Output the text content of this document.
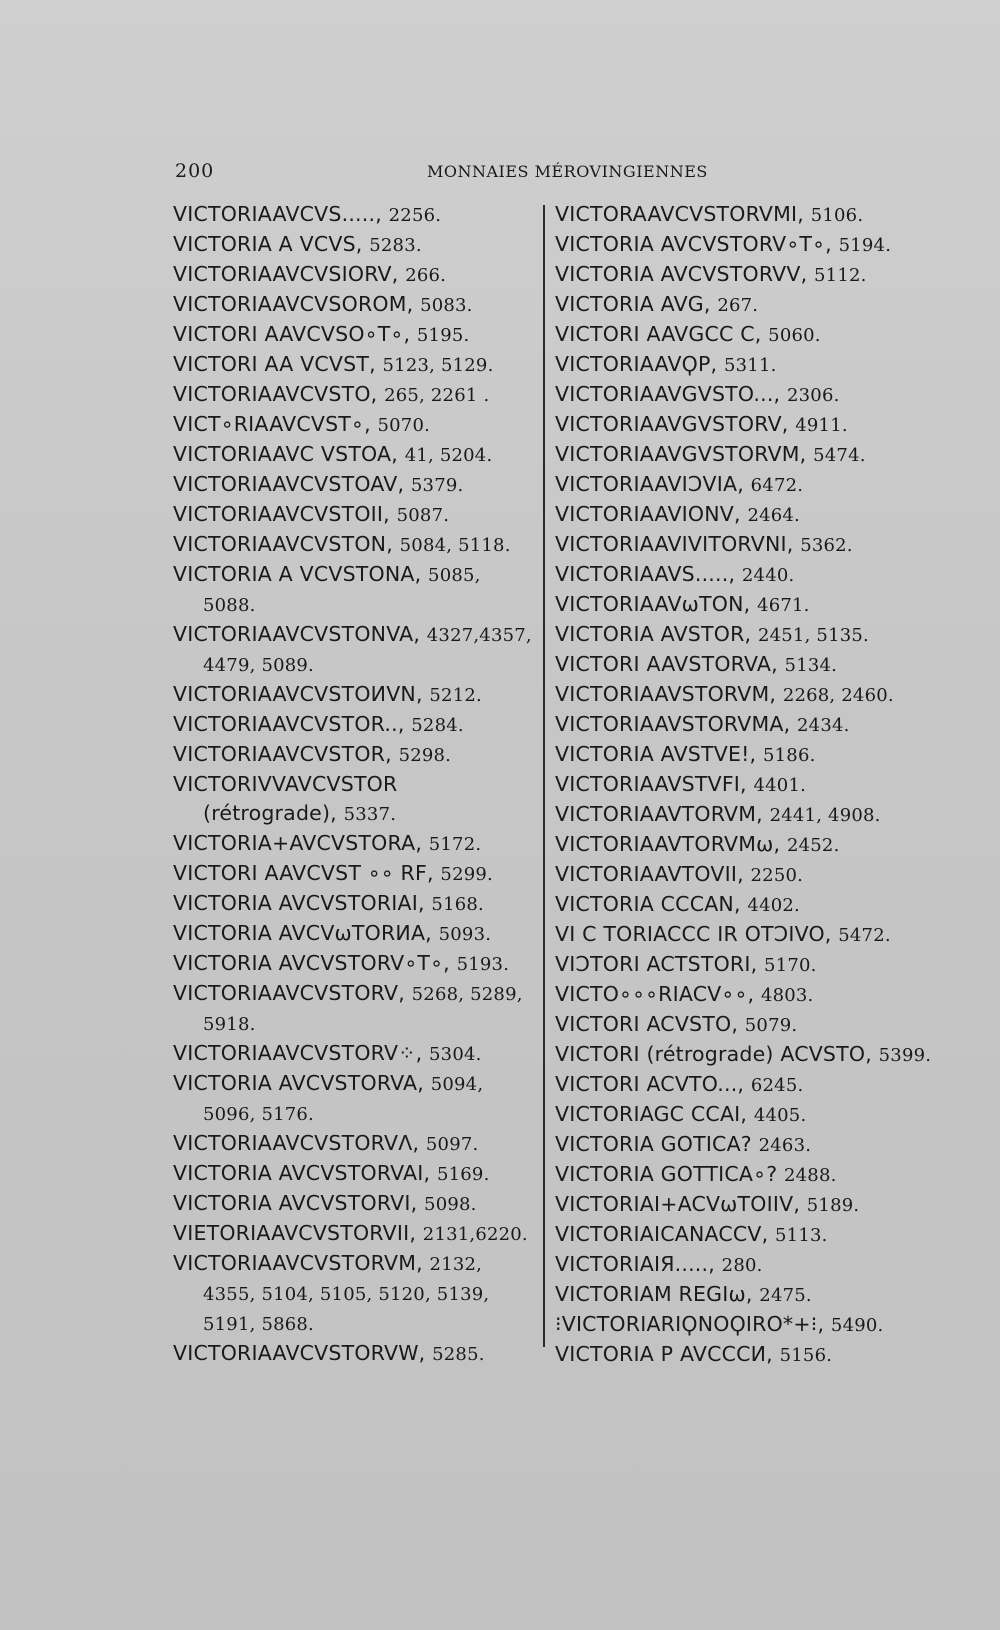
200	MONNAIES MÉROVINGIENNES

VICTORIAAVCVS....., 2256.

VICTORIA A VCVS, 5283.

VICTORIAAVCVSIORV, 266.

VICTORIAAVCVSOROM, 5083.

VICTORI AAVCVSO∘T∘, 5195.

VICTORI AA VCVST, 5123, 5129.

VICTORIAAVCVSTO, 265, 2261 .

VICT∘RIAAVCVST∘, 5070.

VICTORIAAVC VSTOA, 41, 5204.

VICTORIAAVCVSTOAV, 5379.

VICTORIAAVCVSTOII, 5087.

VICTORIAAVCVSTON, 5084, 5118.

VICTORIA A VCVSTONA, 5085, 5088.

VICTORIAAVCVSTONVA, 4327,4357, 4479, 5089.

VICTORIAAVCVSTOИVN, 5212.

VICTORIAAVCVSTOR.., 5284.

VICTORIAAVCVSTOR, 5298.

VICTORIVVAVCVSTOR (rétrograde), 5337.

VICTORIA+AVCVSTORA, 5172.

VICTORI AAVCVST ∘∘ RF, 5299.

VICTORIA AVCVSTORIAI, 5168.

VICTORIA AVCVωTORИA, 5093.

VICTORIA AVCVSTORV∘T∘, 5193.

VICTORIAAVCVSTORV, 5268, 5289, 5918.

VICTORIAAVCVSTORV⁘, 5304.

VICTORIA AVCVSTORVA, 5094, 5096, 5176.

VICTORIAAVCVSTORVΛ, 5097.

VICTORIA AVCVSTORVAI, 5169.

VICTORIA AVCVSTORVI, 5098.

VIEТORIAAVCVSTORVII, 2131,6220.

VICTORIAAVCVSTORVM, 2132, 4355, 5104, 5105, 5120, 5139, 5191, 5868.

VICTORIAAVCVSTORVW, 5285.

VICTORAAVCVSTORVMI, 5106.

VICTORIA AVCVSTORV∘T∘, 5194.

VICTORIA AVCVSTORVV, 5112.

VICTORIA AVG, 267.

VICTORI AAVGCC C, 5060.

VICTORIAAVϘP, 5311.

VICTORIAAVGVSTO..., 2306.

VICTORIAAVGVSTORV, 4911.

VICTORIAAVGVSTORVM, 5474.

VICTORIAAVIƆVIA, 6472.

VICTORIAAVIONV, 2464.

VICTORIAAVIVITORVNI, 5362.

VICTORIAAVS....., 2440.

VICTORIAAVωTON, 4671.

VICTORIA AVSTOR, 2451, 5135.

VICTORI AAVSTORVA, 5134.

VICTORIAAVSTORVM, 2268, 2460.

VICTORIAAVSTORVMA, 2434.

VICTORIA AVSTVE!, 5186.

VICTORIAAVSTVFI, 4401.

VICTORIAAVTORVM, 2441, 4908.

VICTORIAAVTORVMω, 2452.

VICTORIAAVTOVII, 2250.

VICTORIA CCCAN, 4402.

VI C TORIACCC IR OTƆIVO, 5472.

VIƆTORI ACTSTORI, 5170.

VICTO∘∘∘RIACV∘∘, 4803.

VICTORI ACVSTO, 5079.

VICTORI (rétrograde) ACVSTO, 5399.

VICTORI ACVTO..., 6245.

VICTORIAGC CCAI, 4405.

VICTORIA GOTICA? 2463.

VICTORIA GOTTICA∘? 2488.

VICTORIAI+ACVωTOIIV, 5189.

VICTORIAICANACCV, 5113.

VICTORIAIЯ....., 280.

VICTORIAM REGIω, 2475.

⁝VICTORIARIϘNOϘIRO*+⁝, 5490.

VICTORIA P AVCCCИ, 5156.
